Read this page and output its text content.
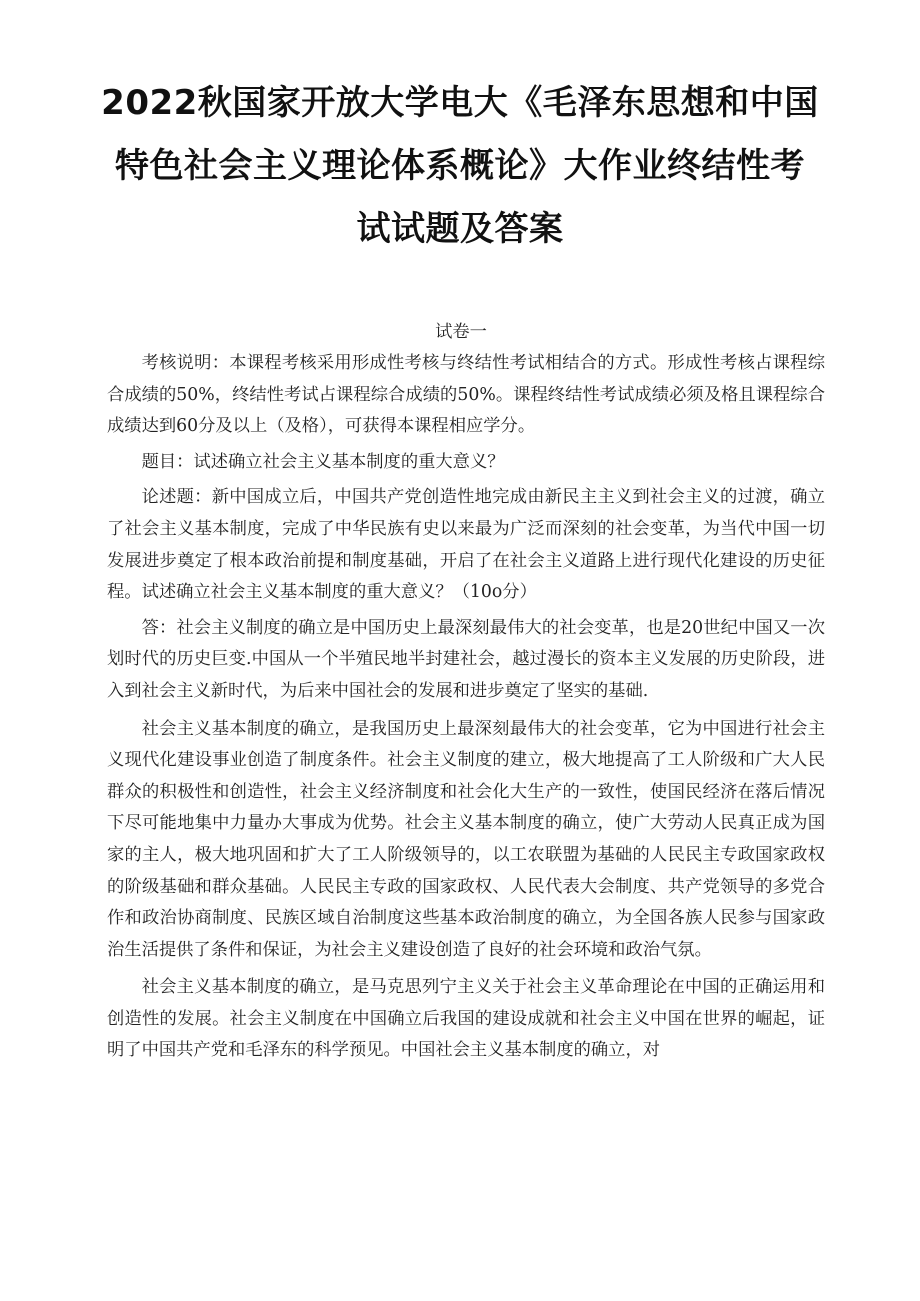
2022秋国家开放大学电大《毛泽东思想和中国
特色社会主义理论体系概论》大作业终结性考
试试题及答案
试卷一

考核说明：本课程考核采用形成性考核与终结性考试相结合的方式。形成性考核占课程综合成绩的50%，终结性考试占课程综合成绩的50%。课程终结性考试成绩必须及格且课程综合成绩达到60分及以上（及格），可获得本课程相应学分。

题目：试述确立社会主义基本制度的重大意义？

论述题：新中国成立后，中国共产党创造性地完成由新民主主义到社会主义的过渡，确立了社会主义基本制度，完成了中华民族有史以来最为广泛而深刻的社会变革，为当代中国一切发展进步奠定了根本政治前提和制度基础，开启了在社会主义道路上进行现代化建设的历史征程。试述确立社会主义基本制度的重大意义？（10o分）

答：社会主义制度的确立是中国历史上最深刻最伟大的社会变革，也是20世纪中国又一次划时代的历史巨变.中国从一个半殖民地半封建社会，越过漫长的资本主义发展的历史阶段，进入到社会主义新时代，为后来中国社会的发展和进步奠定了坚实的基础.

社会主义基本制度的确立，是我国历史上最深刻最伟大的社会变革，它为中国进行社会主义现代化建设事业创造了制度条件。社会主义制度的建立，极大地提高了工人阶级和广大人民群众的积极性和创造性，社会主义经济制度和社会化大生产的一致性，使国民经济在落后情况下尽可能地集中力量办大事成为优势。社会主义基本制度的确立，使广大劳动人民真正成为国家的主人，极大地巩固和扩大了工人阶级领导的，以工农联盟为基础的人民民主专政国家政权的阶级基础和群众基础。人民民主专政的国家政权、人民代表大会制度、共产党领导的多党合作和政治协商制度、民族区域自治制度这些基本政治制度的确立，为全国各族人民参与国家政治生活提供了条件和保证，为社会主义建设创造了良好的社会环境和政治气氛。

社会主义基本制度的确立，是马克思列宁主义关于社会主义革命理论在中国的正确运用和创造性的发展。社会主义制度在中国确立后我国的建设成就和社会主义中国在世界的崛起，证明了中国共产党和毛泽东的科学预见。中国社会主义基本制度的确立，对
